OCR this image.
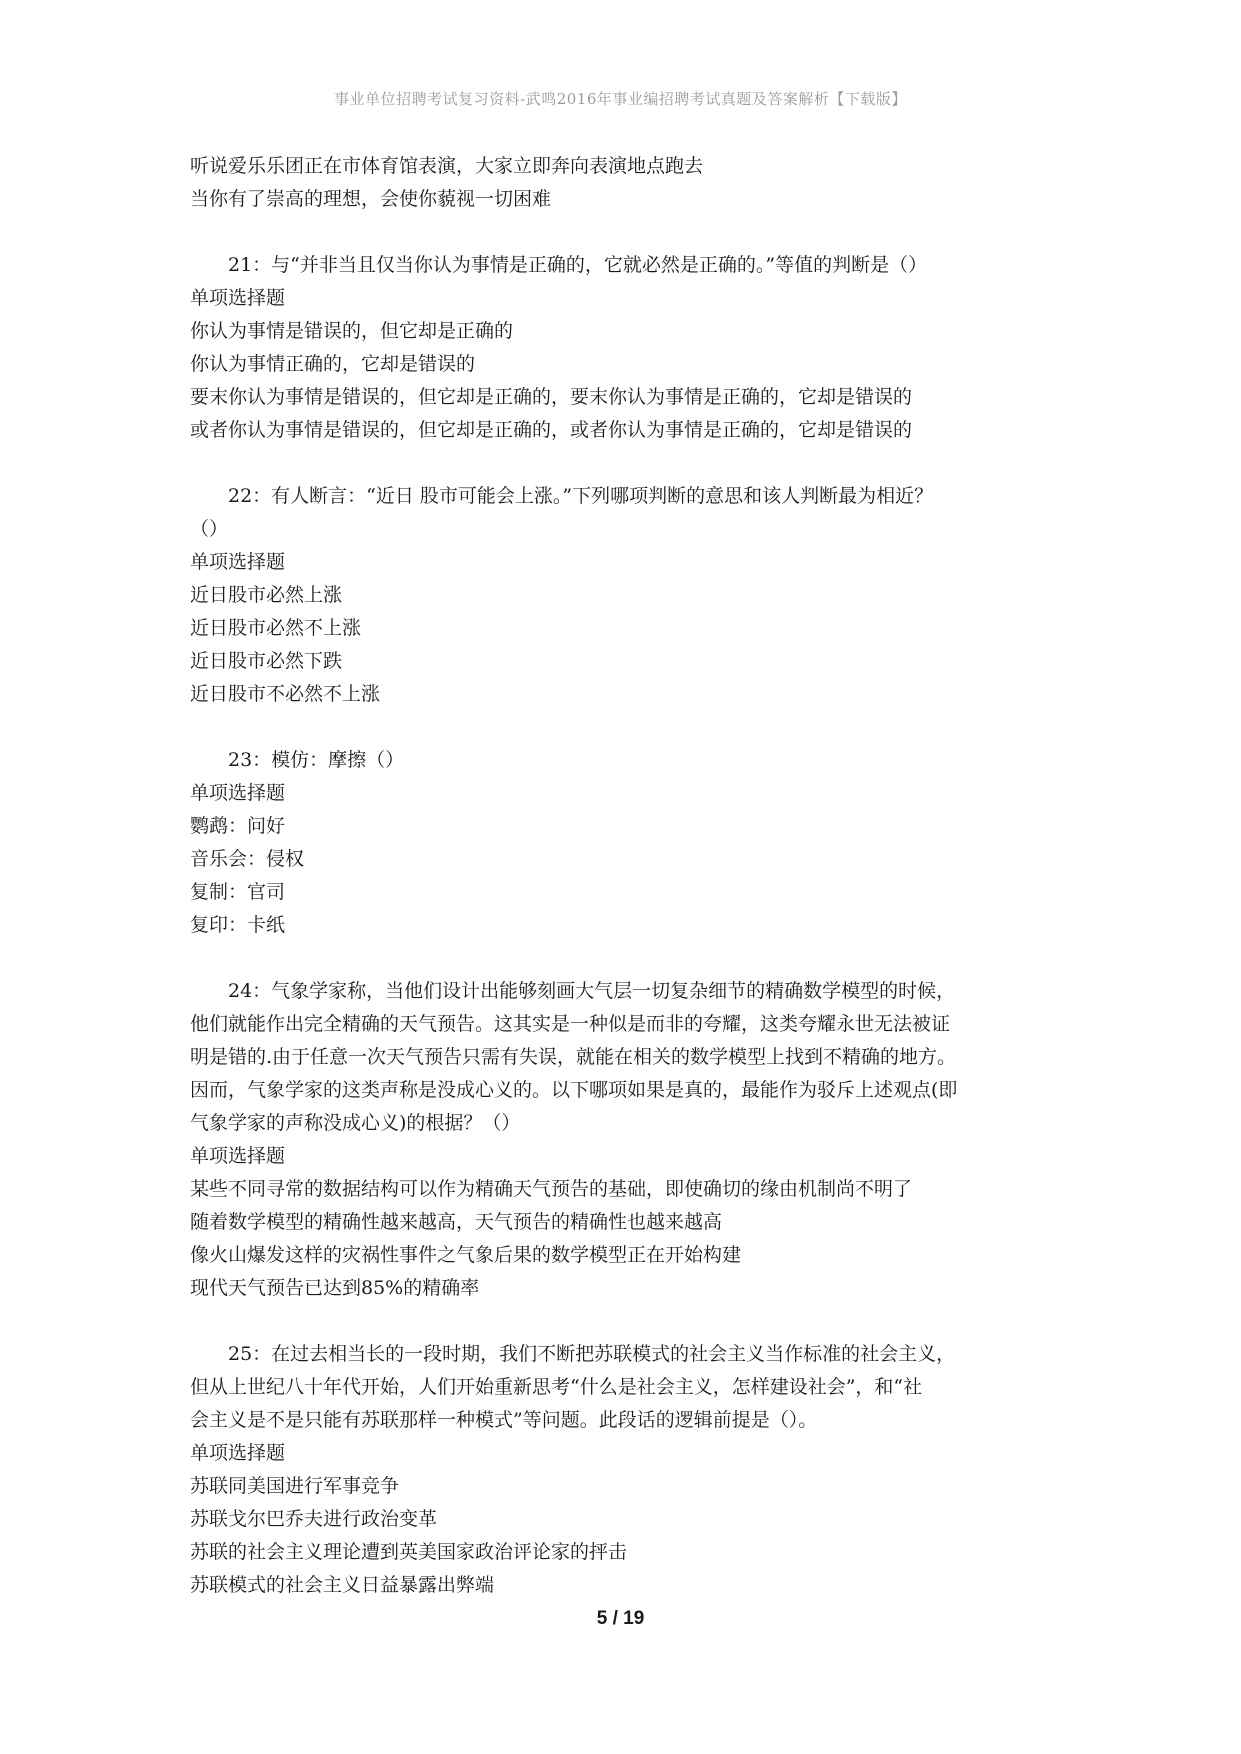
事业单位招聘考试复习资料-武鸣2016年事业编招聘考试真题及答案解析【下载版】
听说爱乐乐团正在市体育馆表演，大家立即奔向表演地点跑去
当你有了崇高的理想，会使你藐视一切困难
21：与“并非当且仅当你认为事情是正确的，它就必然是正确的。”等值的判断是（）
单项选择题
你认为事情是错误的，但它却是正确的
你认为事情正确的，它却是错误的
要末你认为事情是错误的，但它却是正确的，要末你认为事情是正确的，它却是错误的
或者你认为事情是错误的，但它却是正确的，或者你认为事情是正确的，它却是错误的
22：有人断言：“近日 股市可能会上涨。”下列哪项判断的意思和该人判断最为相近？
（）
单项选择题
近日股市必然上涨
近日股市必然不上涨
近日股市必然下跌
近日股市不必然不上涨
23：模仿：摩擦（）
单项选择题
鹦鹉：问好
音乐会：侵权
复制：官司
复印：卡纸
24：气象学家称，当他们设计出能够刻画大气层一切复杂细节的精确数学模型的时候，
他们就能作出完全精确的天气预告。这其实是一种似是而非的夸耀，这类夸耀永世无法被证
明是错的.由于任意一次天气预告只需有失误，就能在相关的数学模型上找到不精确的地方。
因而，气象学家的这类声称是没成心义的。以下哪项如果是真的，最能作为驳斥上述观点(即
气象学家的声称没成心义)的根据？（）
单项选择题
某些不同寻常的数据结构可以作为精确天气预告的基础，即使确切的缘由机制尚不明了
随着数学模型的精确性越来越高，天气预告的精确性也越来越高
像火山爆发这样的灾祸性事件之气象后果的数学模型正在开始构建
现代天气预告已达到85%的精确率
25：在过去相当长的一段时期，我们不断把苏联模式的社会主义当作标准的社会主义，
但从上世纪八十年代开始，人们开始重新思考“什么是社会主义，怎样建设社会”，和“社
会主义是不是只能有苏联那样一种模式”等问题。此段话的逻辑前提是（）。
单项选择题
苏联同美国进行军事竞争
苏联戈尔巴乔夫进行政治变革
苏联的社会主义理论遭到英美国家政治评论家的抨击
苏联模式的社会主义日益暴露出弊端
5 / 19
